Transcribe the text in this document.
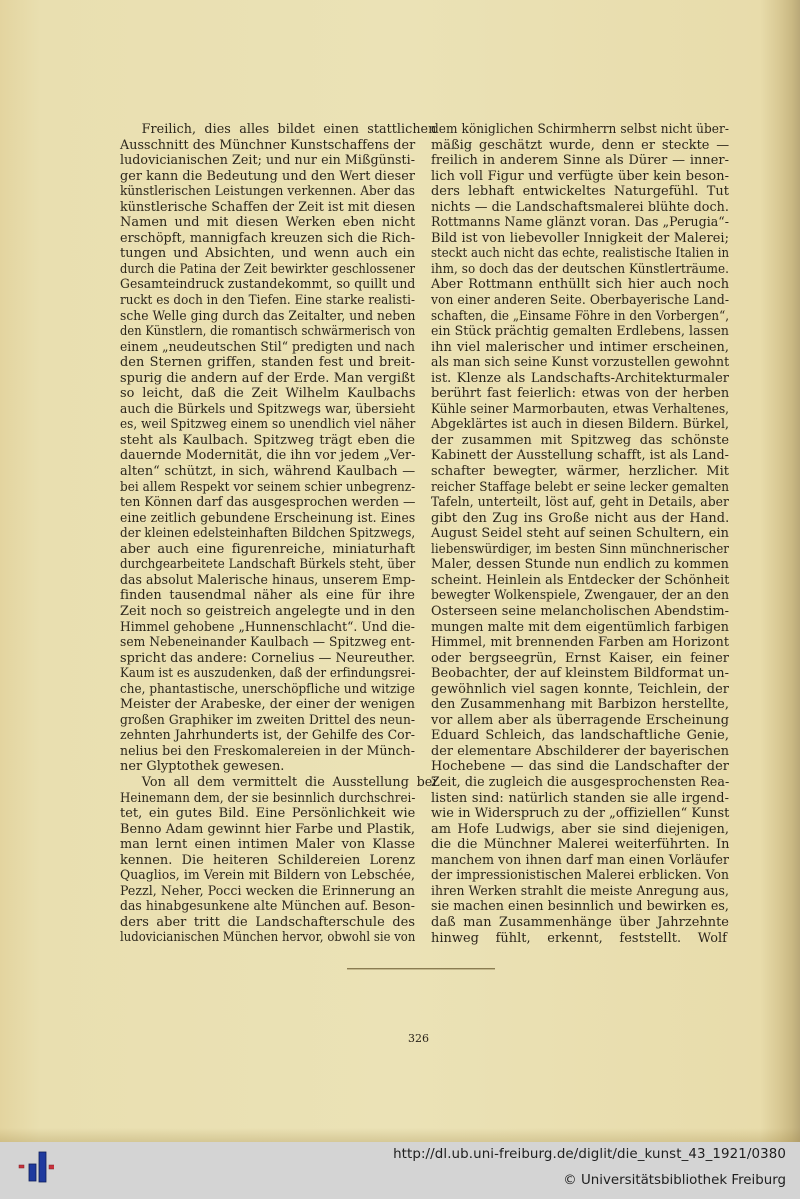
Freilich, dies alles bildet einen stattlichen
Ausschnitt des Münchner Kunstschaffens der
ludovicianischen Zeit; und nur ein Mißgünsti-
ger kann die Bedeutung und den Wert dieser
künstlerischen Leistungen verkennen. Aber das
künstlerische Schaffen der Zeit ist mit diesen
Namen und mit diesen Werken eben nicht
erschöpft, mannigfach kreuzen sich die Rich-
tungen und Absichten, und wenn auch ein
durch die Patina der Zeit bewirkter geschlossener
Gesamteindruck zustandekommt, so quillt und
ruckt es doch in den Tiefen. Eine starke realisti-
sche Welle ging durch das Zeitalter, und neben
den Künstlern, die romantisch schwärmerisch von
einem „neudeutschen Stil“ predigten und nach
den Sternen griffen, standen fest und breit-
spurig die andern auf der Erde. Man vergißt
so leicht, daß die Zeit Wilhelm Kaulbachs
auch die Bürkels und Spitzwegs war, übersieht
es, weil Spitzweg einem so unendlich viel näher
steht als Kaulbach. Spitzweg trägt eben die
dauernde Modernität, die ihn vor jedem „Ver-
alten“ schützt, in sich, während Kaulbach —
bei allem Respekt vor seinem schier unbegrenz-
ten Können darf das ausgesprochen werden —
eine zeitlich gebundene Erscheinung ist. Eines
der kleinen edelsteinhaften Bildchen Spitzwegs,
aber auch eine figurenreiche, miniaturhaft
durchgearbeitete Landschaft Bürkels steht, über
das absolut Malerische hinaus, unserem Emp-
finden tausendmal näher als eine für ihre
Zeit noch so geistreich angelegte und in den
Himmel gehobene „Hunnenschlacht“. Und die-
sem Nebeneinander Kaulbach — Spitzweg ent-
spricht das andere: Cornelius — Neureuther.
Kaum ist es auszudenken, daß der erfindungsrei-
che, phantastische, unerschöpfliche und witzige
Meister der Arabeske, der einer der wenigen
großen Graphiker im zweiten Drittel des neun-
zehnten Jahrhunderts ist, der Gehilfe des Cor-
nelius bei den Freskomalereien in der Münch-
ner Glyptothek gewesen.
Von all dem vermittelt die Ausstellung bei
Heinemann dem, der sie besinnlich durchschrei-
tet, ein gutes Bild. Eine Persönlichkeit wie
Benno Adam gewinnt hier Farbe und Plastik,
man lernt einen intimen Maler von Klasse
kennen. Die heiteren Schildereien Lorenz
Quaglios, im Verein mit Bildern von Lebschée,
Pezzl, Neher, Pocci wecken die Erinnerung an
das hinabgesunkene alte München auf. Beson-
ders aber tritt die Landschafterschule des
ludovicianischen München hervor, obwohl sie von
dem königlichen Schirmherrn selbst nicht über-
mäßig geschätzt wurde, denn er steckte —
freilich in anderem Sinne als Dürer — inner-
lich voll Figur und verfügte über kein beson-
ders lebhaft entwickeltes Naturgefühl. Tut
nichts — die Landschaftsmalerei blühte doch.
Rottmanns Name glänzt voran. Das „Perugia“-
Bild ist von liebevoller Innigkeit der Malerei;
steckt auch nicht das echte, realistische Italien in
ihm, so doch das der deutschen Künstlerträume.
Aber Rottmann enthüllt sich hier auch noch
von einer anderen Seite. Oberbayerische Land-
schaften, die „Einsame Föhre in den Vorbergen“,
ein Stück prächtig gemalten Erdlebens, lassen
ihn viel malerischer und intimer erscheinen,
als man sich seine Kunst vorzustellen gewohnt
ist. Klenze als Landschafts-Architekturmaler
berührt fast feierlich: etwas von der herben
Kühle seiner Marmorbauten, etwas Verhaltenes,
Abgeklärtes ist auch in diesen Bildern. Bürkel,
der zusammen mit Spitzweg das schönste
Kabinett der Ausstellung schafft, ist als Land-
schafter bewegter, wärmer, herzlicher. Mit
reicher Staffage belebt er seine lecker gemalten
Tafeln, unterteilt, löst auf, geht in Details, aber
gibt den Zug ins Große nicht aus der Hand.
August Seidel steht auf seinen Schultern, ein
liebenswürdiger, im besten Sinn münchnerischer
Maler, dessen Stunde nun endlich zu kommen
scheint. Heinlein als Entdecker der Schönheit
bewegter Wolkenspiele, Zwengauer, der an den
Osterseen seine melancholischen Abendstim-
mungen malte mit dem eigentümlich farbigen
Himmel, mit brennenden Farben am Horizont
oder bergseegrün, Ernst Kaiser, ein feiner
Beobachter, der auf kleinstem Bildformat un-
gewöhnlich viel sagen konnte, Teichlein, der
den Zusammenhang mit Barbizon herstellte,
vor allem aber als überragende Erscheinung
Eduard Schleich, das landschaftliche Genie,
der elementare Abschilderer der bayerischen
Hochebene — das sind die Landschafter der
Zeit, die zugleich die ausgesprochensten Rea-
listen sind: natürlich standen sie alle irgend-
wie in Widerspruch zu der „offiziellen“ Kunst
am Hofe Ludwigs, aber sie sind diejenigen,
die die Münchner Malerei weiterführten. In
manchem von ihnen darf man einen Vorläufer
der impressionistischen Malerei erblicken. Von
ihren Werken strahlt die meiste Anregung aus,
sie machen einen besinnlich und bewirken es,
daß man Zusammenhänge über Jahrzehnte
hinweg fühlt, erkennt, feststellt. Wolf
326
http://dl.ub.uni-freiburg.de/diglit/die_kunst_43_1921/0380
© Universitätsbibliothek Freiburg
